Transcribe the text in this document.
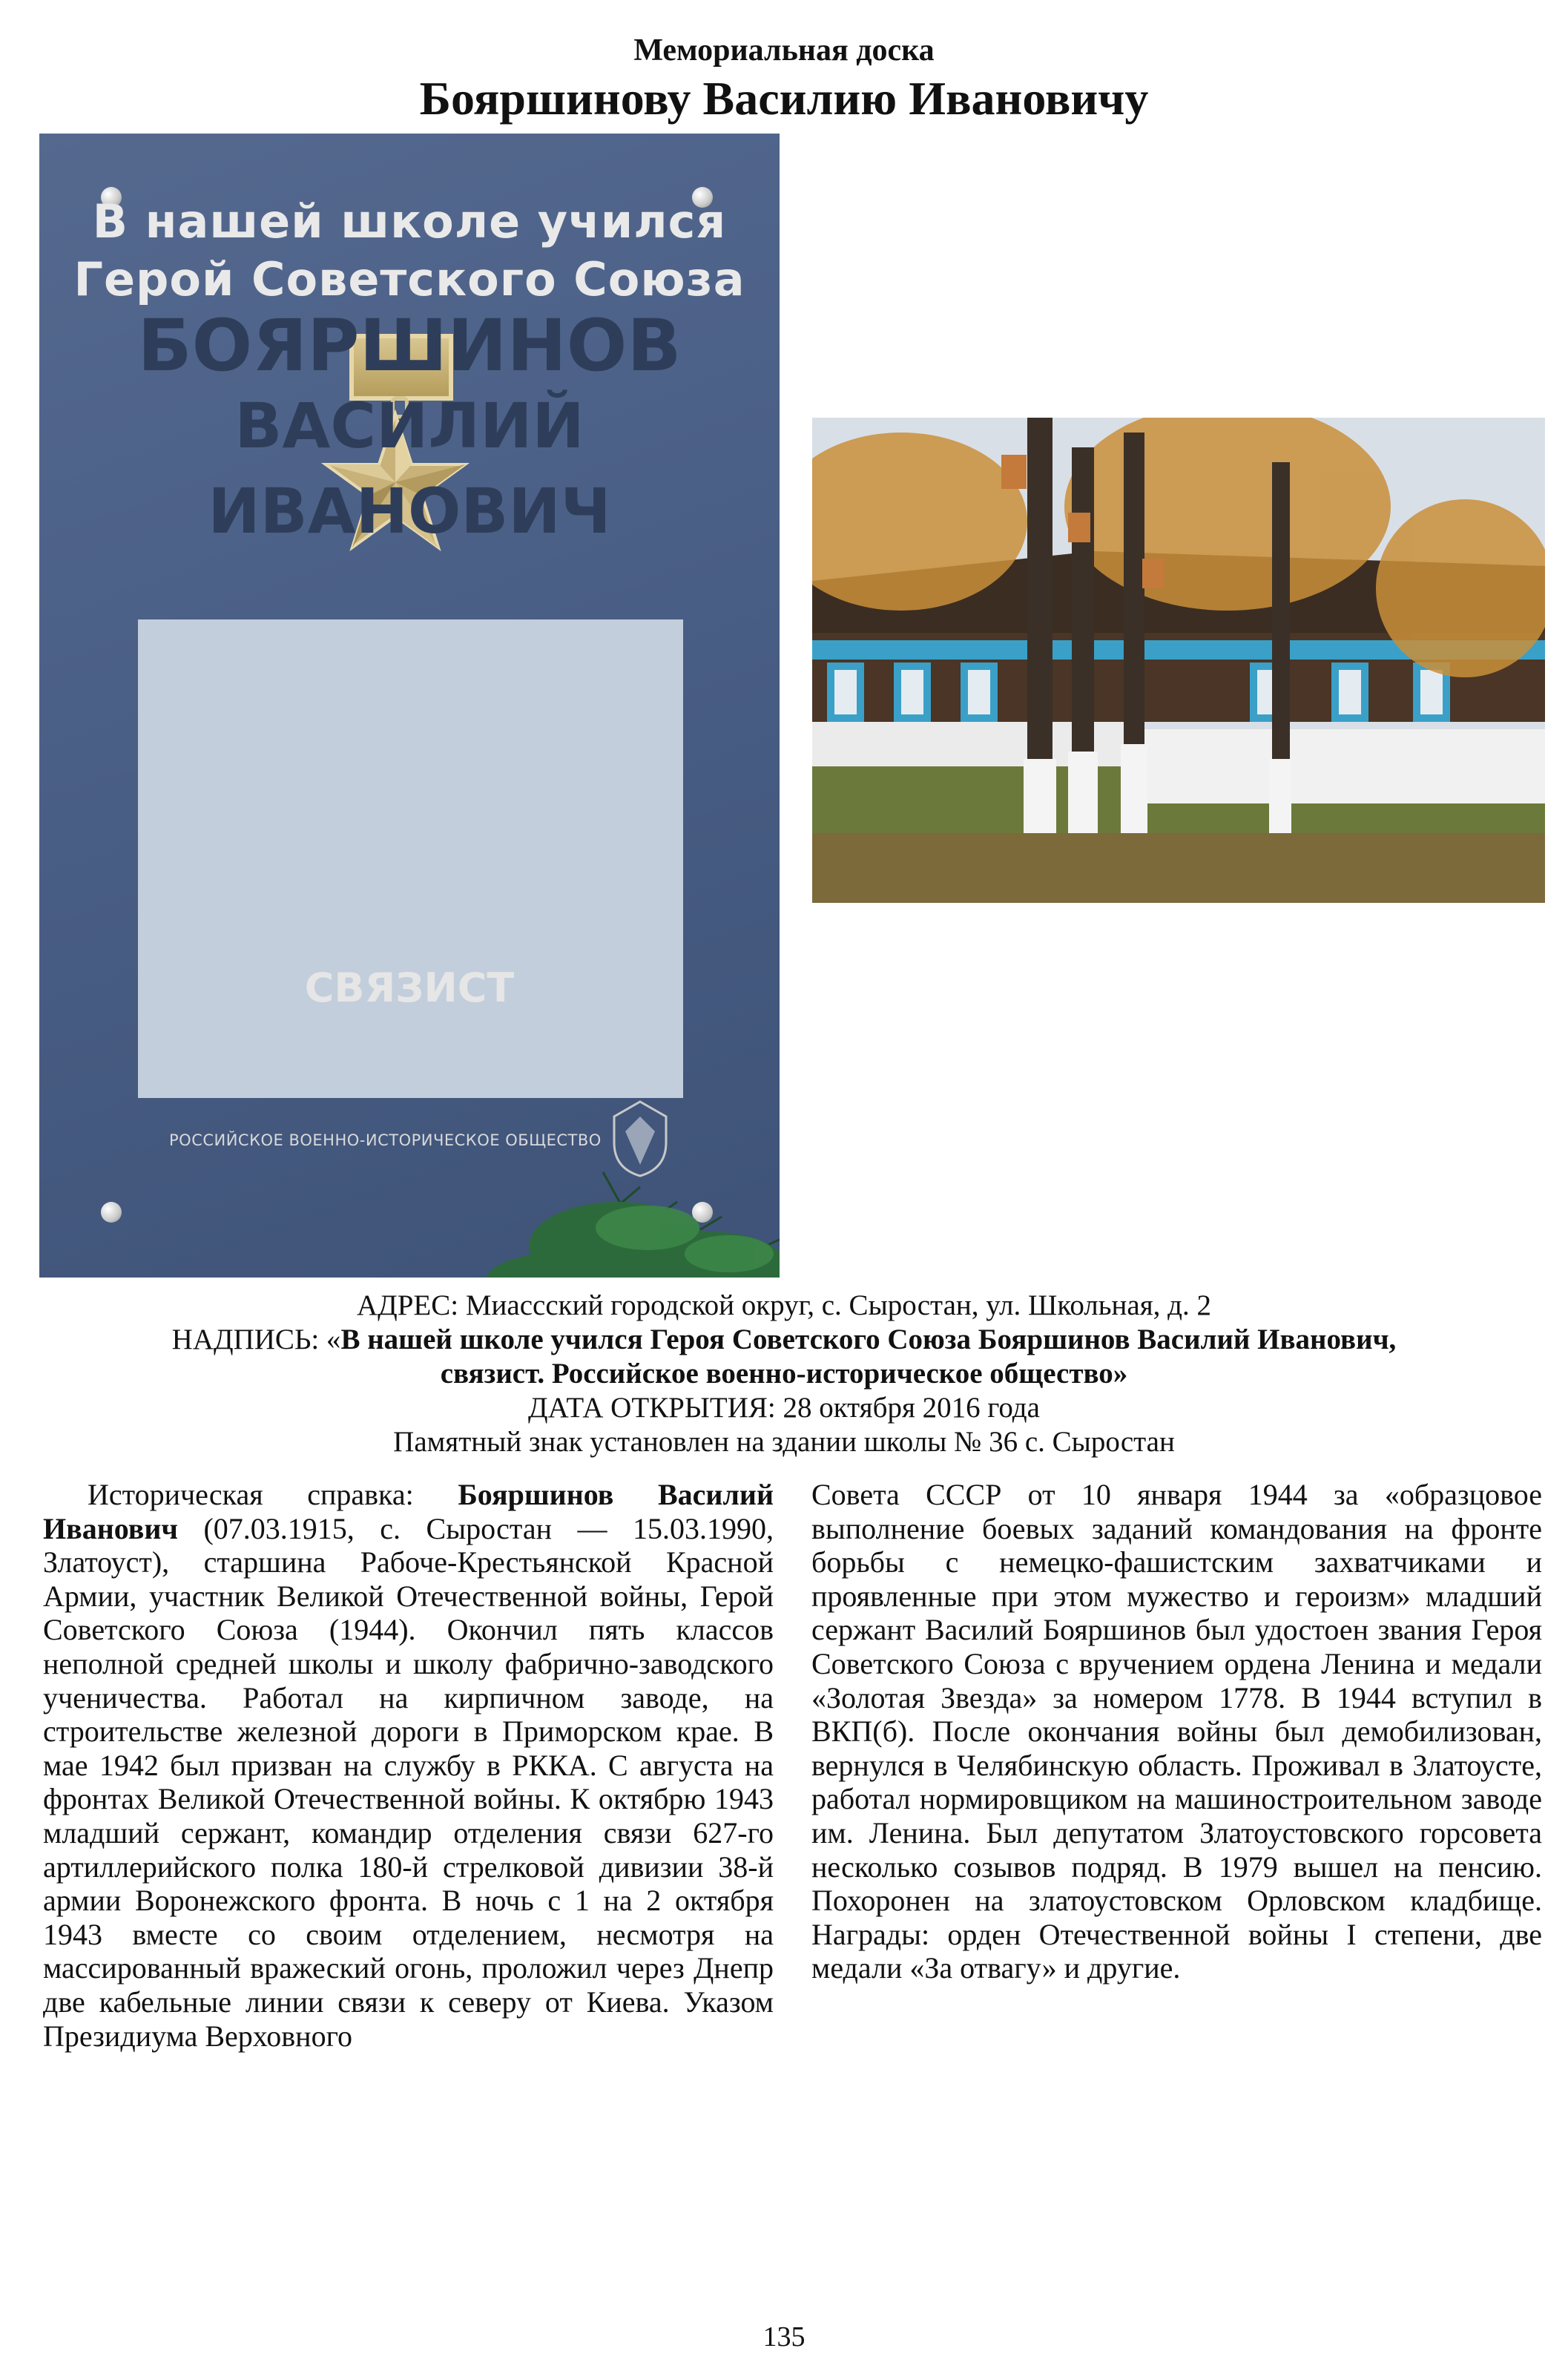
Мемориальная доска
Бояршинову Василию Ивановичу
В нашей школе учился
Герой Советского Союза
БОЯРШИНОВ
ВАСИЛИЙ
ИВАНОВИЧ
СВЯЗИСТ
РОССИЙСКОЕ ВОЕННО-ИСТОРИЧЕСКОЕ ОБЩЕСТВО
АДРЕС: Миассский городской округ, с. Сыростан, ул. Школьная, д. 2
НАДПИСЬ: «В нашей школе учился Героя Советского Союза Бояршинов Василий Иванович,
связист. Российское военно-историческое общество»
ДАТА ОТКРЫТИЯ: 28 октября 2016 года
Памятный знак установлен на здании школы № 36 с. Сыростан

Историческая справка: Бояршинов Василий Иванович (07.03.1915, с. Сыростан — 15.03.1990, Златоуст), старшина Рабоче-Крестьянской Красной Армии, участник Великой Отечественной войны, Герой Советского Союза (1944). Окончил пять классов неполной средней школы и школу фабрично-заводского ученичества. Работал на кирпичном заводе, на строительстве железной дороги в Приморском крае. В мае 1942 был призван на службу в РККА. С августа на фронтах Великой Отечественной войны. К октябрю 1943 младший сержант, командир отделения связи 627-го артиллерийского полка 180-й стрелковой дивизии 38-й армии Воронежского фронта. В ночь с 1 на 2 октября 1943 вместе со своим отделением, несмотря на массированный вражеский огонь, проложил через Днепр две кабельные линии связи к северу от Киева. Указом Президиума Верховного

Совета СССР от 10 января 1944 за «образцовое выполнение боевых заданий командования на фронте борьбы с немецко-фашистским захватчиками и проявленные при этом мужество и героизм» младший сержант Василий Бояршинов был удостоен звания Героя Советского Союза с вручением ордена Ленина и медали «Золотая Звезда» за номером 1778. В 1944 вступил в ВКП(б). После окончания войны был демобилизован, вернулся в Челябинскую область. Проживал в Златоусте, работал нормировщиком на машиностроительном заводе им. Ленина. Был депутатом Златоустовского горсовета несколько созывов подряд. В 1979 вышел на пенсию. Похоронен на златоустовском Орловском кладбище. Награды: орден Отечественной войны I степени, две медали «За отвагу» и другие.

135
